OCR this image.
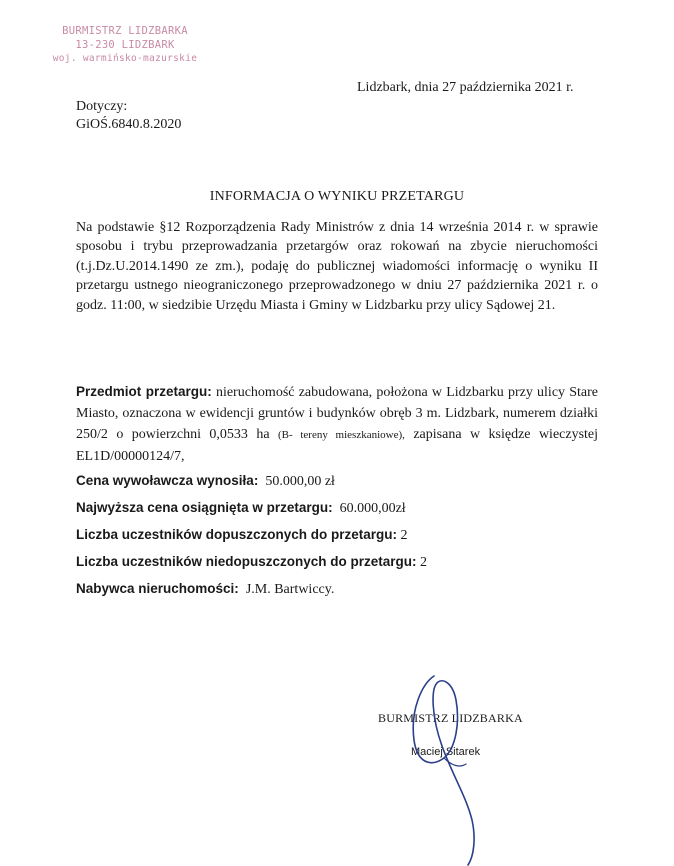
BURMISTRZ LIDZBARKA
13-230 LIDZBARK
woj. warmińsko-mazurskie
Lidzbark, dnia 27 października 2021 r.
Dotyczy:
GiOŚ.6840.8.2020
INFORMACJA O WYNIKU PRZETARGU
Na podstawie §12 Rozporządzenia Rady Ministrów z dnia 14 września 2014 r. w sprawie sposobu i trybu przeprowadzania przetargów oraz rokowań na zbycie nieruchomości (t.j.Dz.U.2014.1490 ze zm.), podaję do publicznej wiadomości informację o wyniku II przetargu ustnego nieograniczonego przeprowadzonego w dniu 27 października 2021 r. o godz. 11:00, w siedzibie Urzędu Miasta i Gminy w Lidzbarku przy ulicy Sądowej 21.
Przedmiot przetargu: nieruchomość zabudowana, położona w Lidzbarku przy ulicy Stare Miasto, oznaczona w ewidencji gruntów i budynków obręb 3 m. Lidzbark, numerem działki 250/2 o powierzchni 0,0533 ha (B- tereny mieszkaniowe), zapisana w księdze wieczystej EL1D/00000124/7,
Cena wywoławcza wynosiła: 50.000,00 zł
Najwyższa cena osiągnięta w przetargu: 60.000,00zł
Liczba uczestników dopuszczonych do przetargu: 2
Liczba uczestników niedopuszczonych do przetargu: 2
Nabywca nieruchomości: J.M. Bartwiccy.
BURMISTRZ LIDZBARKA
Maciej Sitarek
